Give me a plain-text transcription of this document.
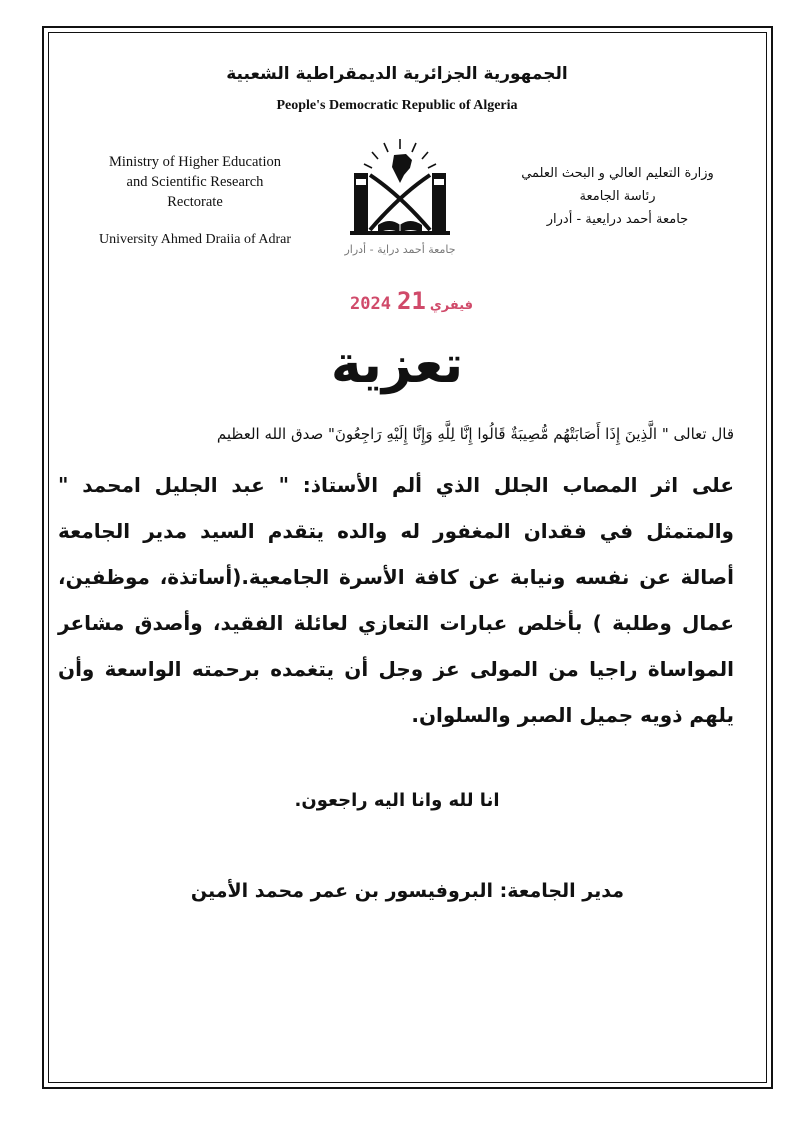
الجمهورية الجزائرية الديمقراطية الشعبية
People's Democratic Republic of Algeria
Ministry of Higher Education
and Scientific Research
Rectorate
University Ahmed Draiia of Adrar
وزارة التعليم العالي و البحث العلمي
رئاسة الجامعة
جامعة أحمد درايعية - أدرار
جامعة أحمد دراية - أدرار
2024	فيفري21
تعزية
قال تعالى " الَّذِينَ إِذَا أَصَابَتْهُم مُّصِيبَةٌ قَالُوا إِنَّا لِلَّهِ وَإِنَّا إِلَيْهِ رَاجِعُونَ" صدق الله العظيم
على اثر المصاب الجلل الذي ألم الأستاذ: " عبد الجليل امحمد " والمتمثل في فقدان المغفور له والده يتقدم السيد مدير الجامعة أصالة عن نفسه ونيابة عن كافة الأسرة الجامعية.(أساتذة، موظفين، عمال وطلبة ) بأخلص عبارات التعازي لعائلة الفقيد، وأصدق مشاعر المواساة راجيا من المولى عز وجل أن يتغمده برحمته الواسعة وأن يلهم ذويه جميل الصبر والسلوان.
انا لله وانا اليه راجعون.
مدير الجامعة: البروفيسور بن عمر محمد الأمين
